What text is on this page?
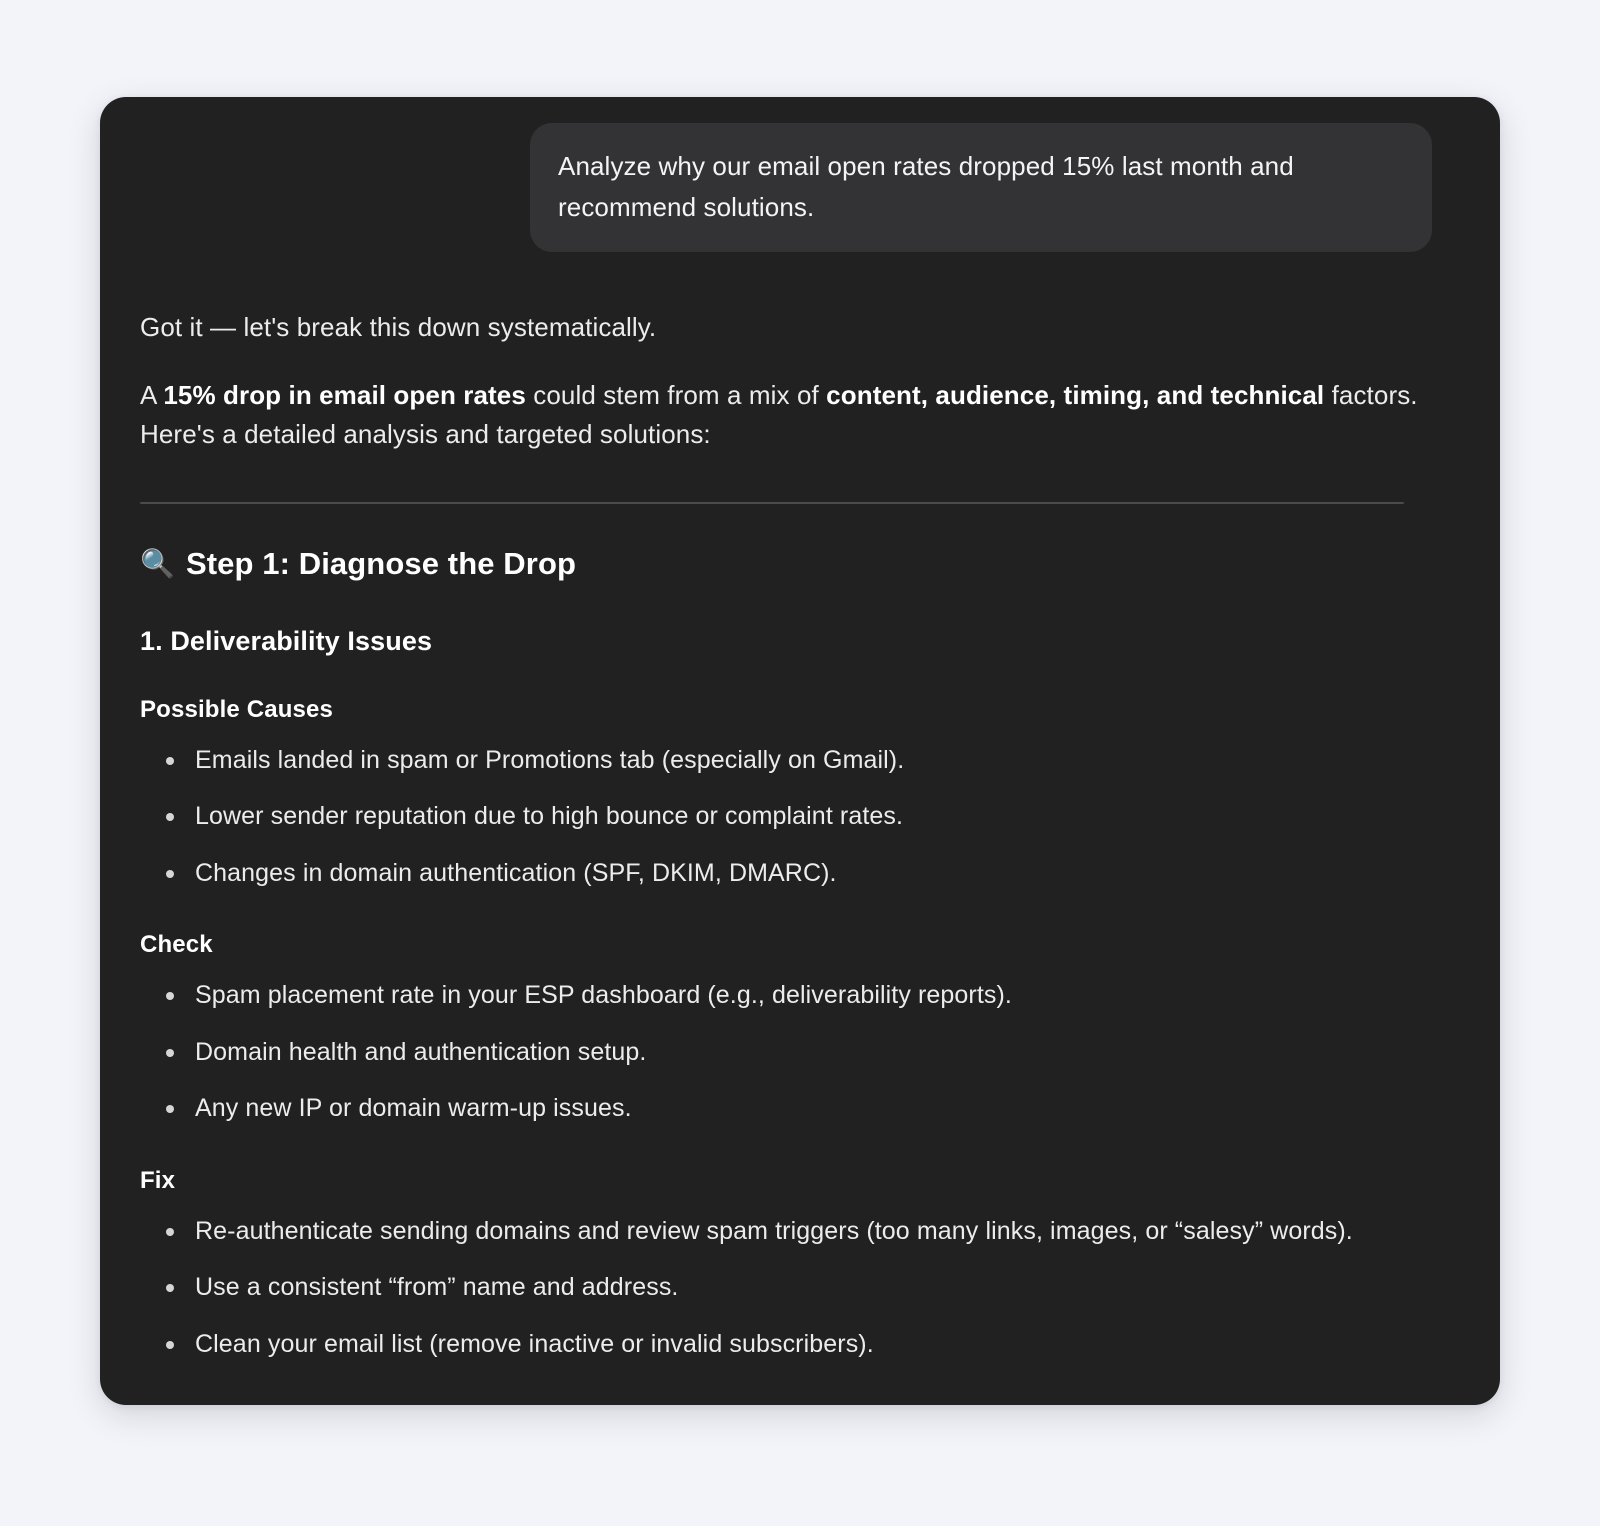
Analyze why our email open rates dropped 15% last month and recommend solutions.

Got it — let's break this down systematically.

A 15% drop in email open rates could stem from a mix of content, audience, timing, and technical factors. Here's a detailed analysis and targeted solutions:

🔍 Step 1: Diagnose the Drop
1. Deliverability Issues
Possible Causes
Emails landed in spam or Promotions tab (especially on Gmail).
Lower sender reputation due to high bounce or complaint rates.
Changes in domain authentication (SPF, DKIM, DMARC).
Check
Spam placement rate in your ESP dashboard (e.g., deliverability reports).
Domain health and authentication setup.
Any new IP or domain warm-up issues.
Fix
Re-authenticate sending domains and review spam triggers (too many links, images, or “salesy” words).
Use a consistent “from” name and address.
Clean your email list (remove inactive or invalid subscribers).
